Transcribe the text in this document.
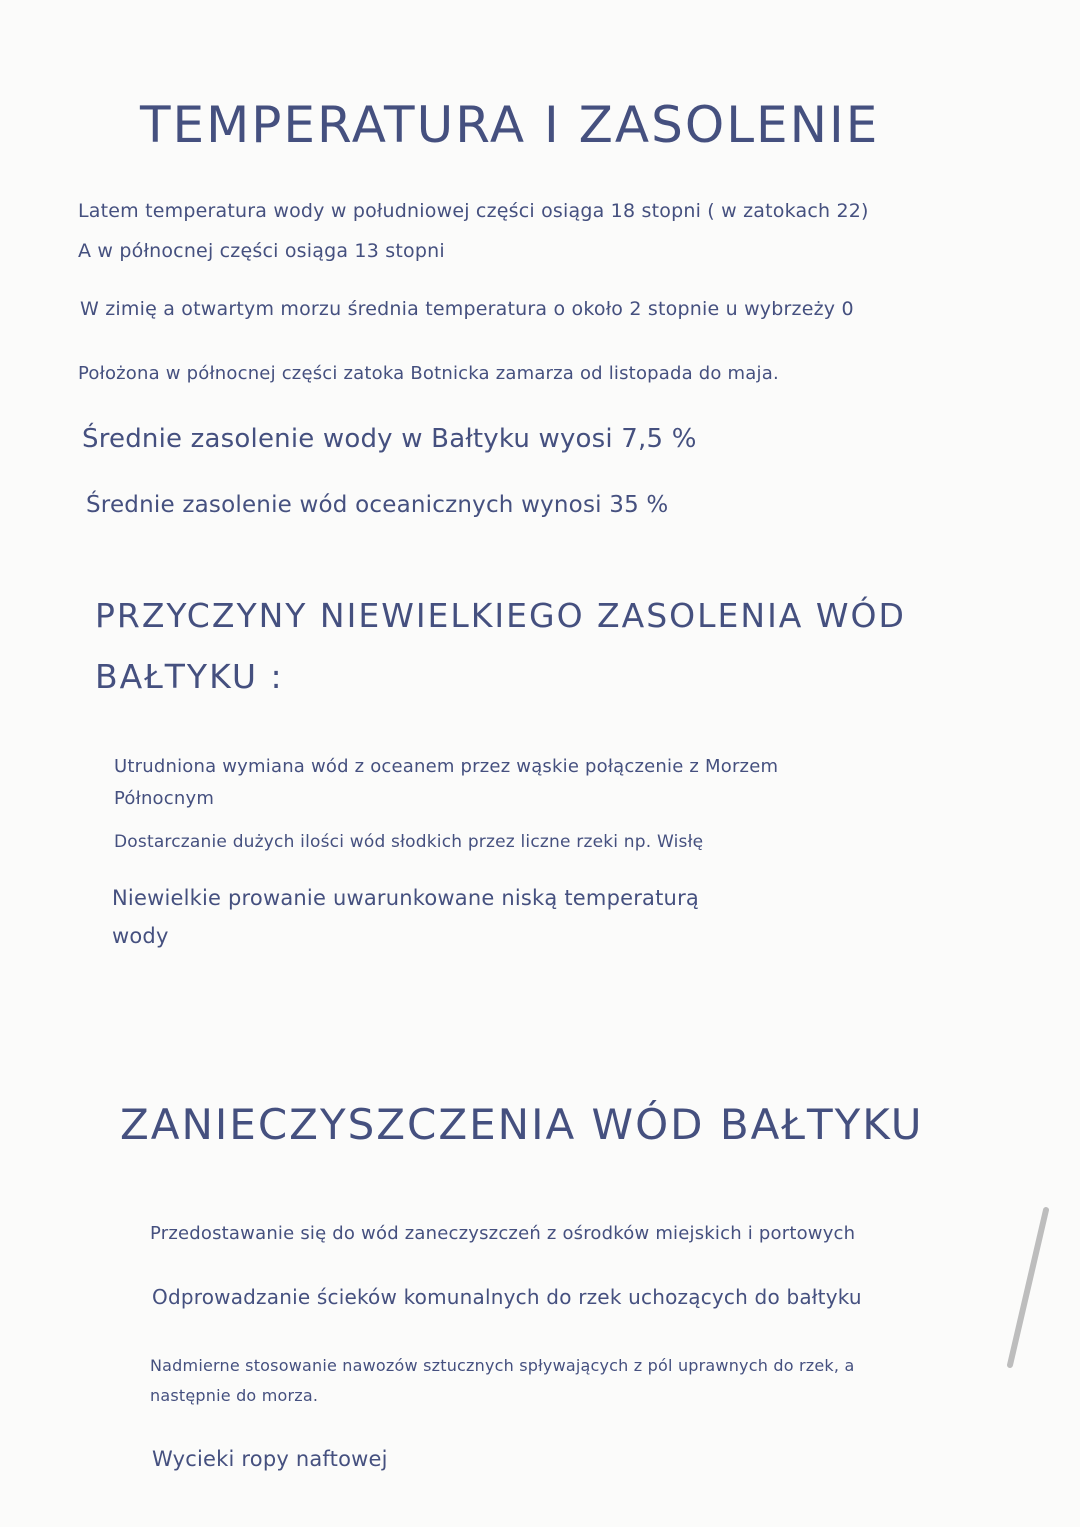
TEMPERATURA I ZASOLENIE

Latem temperatura wody w południowej części osiąga 18 stopni ( w zatokach 22)

A w północnej części osiąga 13 stopni

W zimię a otwartym morzu średnia temperatura o około 2 stopnie u wybrzeży 0

Położona w północnej części zatoka Botnicka zamarza od listopada do maja.

Średnie zasolenie wody w Bałtyku wyosi 7,5 %

Średnie zasolenie wód oceanicznych wynosi 35 %

PRZYCZYNY NIEWIELKIEGO ZASOLENIA WÓD
BAŁTYKU :

Utrudniona wymiana wód z oceanem przez wąskie połączenie z Morzem

Północnym

Dostarczanie dużych ilości wód słodkich przez liczne rzeki np. Wisłę

Niewielkie prowanie uwarunkowane niską temperaturą

wody

ZANIECZYSZCZENIA WÓD BAŁTYKU

Przedostawanie się do wód zaneczyszczeń z ośrodków miejskich i portowych

Odprowadzanie ścieków komunalnych do rzek uchozących do bałtyku

Nadmierne stosowanie nawozów sztucznych spływających z pól uprawnych do rzek, a

następnie do morza.

Wycieki ropy naftowej
